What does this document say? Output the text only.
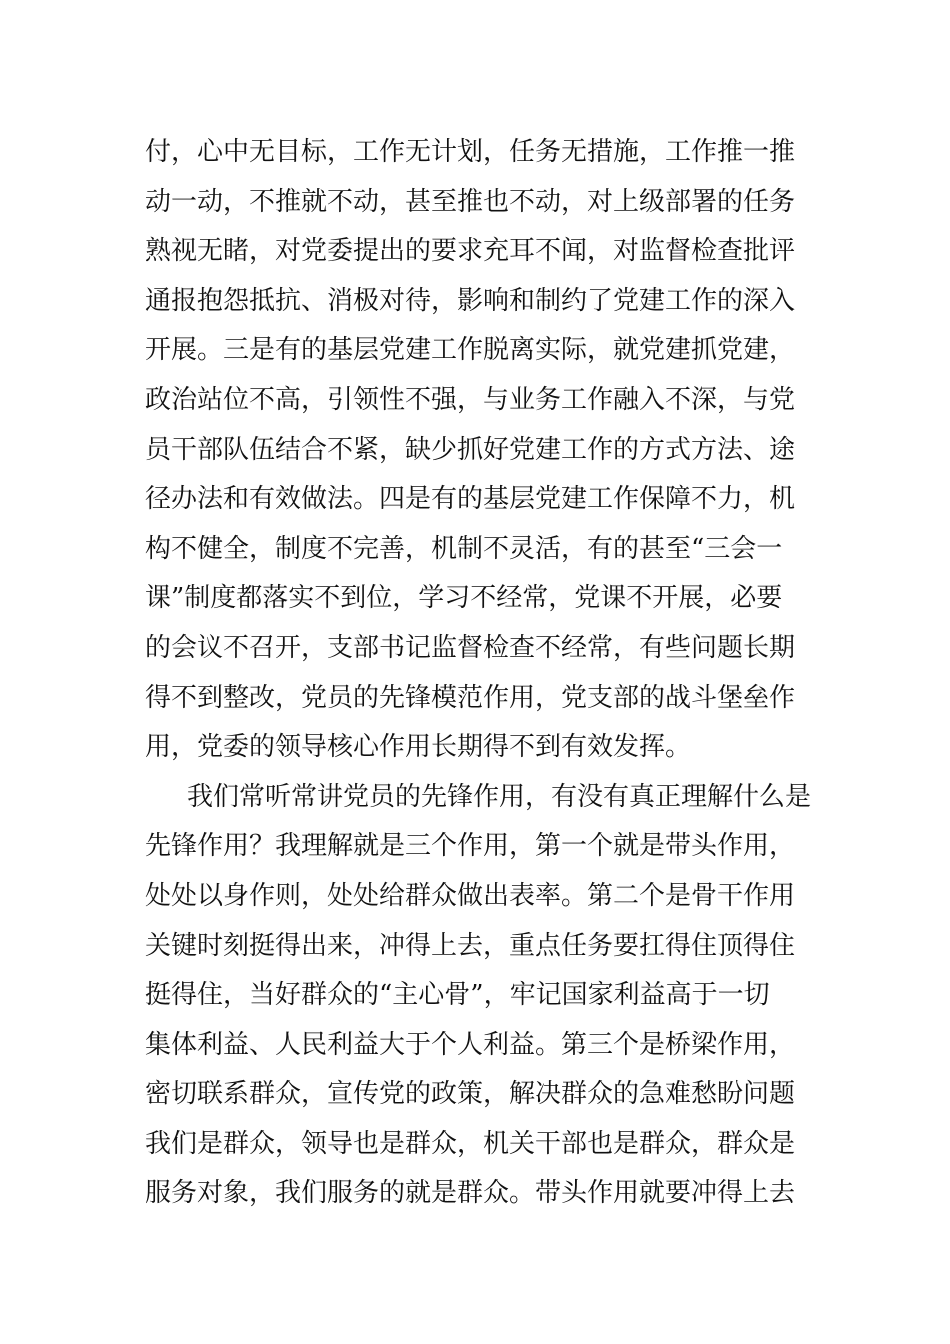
付，心中无目标，工作无计划，任务无措施，工作推一推
动一动，不推就不动，甚至推也不动，对上级部署的任务
熟视无睹，对党委提出的要求充耳不闻，对监督检查批评
通报抱怨抵抗、消极对待，影响和制约了党建工作的深入
开展。三是有的基层党建工作脱离实际，就党建抓党建，
政治站位不高，引领性不强，与业务工作融入不深，与党
员干部队伍结合不紧，缺少抓好党建工作的方式方法、途
径办法和有效做法。四是有的基层党建工作保障不力，机
构不健全，制度不完善，机制不灵活，有的甚至“三会一
课”制度都落实不到位，学习不经常，党课不开展，必要
的会议不召开，支部书记监督检查不经常，有些问题长期
得不到整改，党员的先锋模范作用，党支部的战斗堡垒作
用，党委的领导核心作用长期得不到有效发挥。
我们常听常讲党员的先锋作用，有没有真正理解什么是
先锋作用？我理解就是三个作用，第一个就是带头作用，
处处以身作则，处处给群众做出表率。第二个是骨干作用
关键时刻挺得出来，冲得上去，重点任务要扛得住顶得住
挺得住，当好群众的“主心骨”，牢记国家利益高于一切
集体利益、人民利益大于个人利益。第三个是桥梁作用，
密切联系群众，宣传党的政策，解决群众的急难愁盼问题
我们是群众，领导也是群众，机关干部也是群众，群众是
服务对象，我们服务的就是群众。带头作用就要冲得上去
